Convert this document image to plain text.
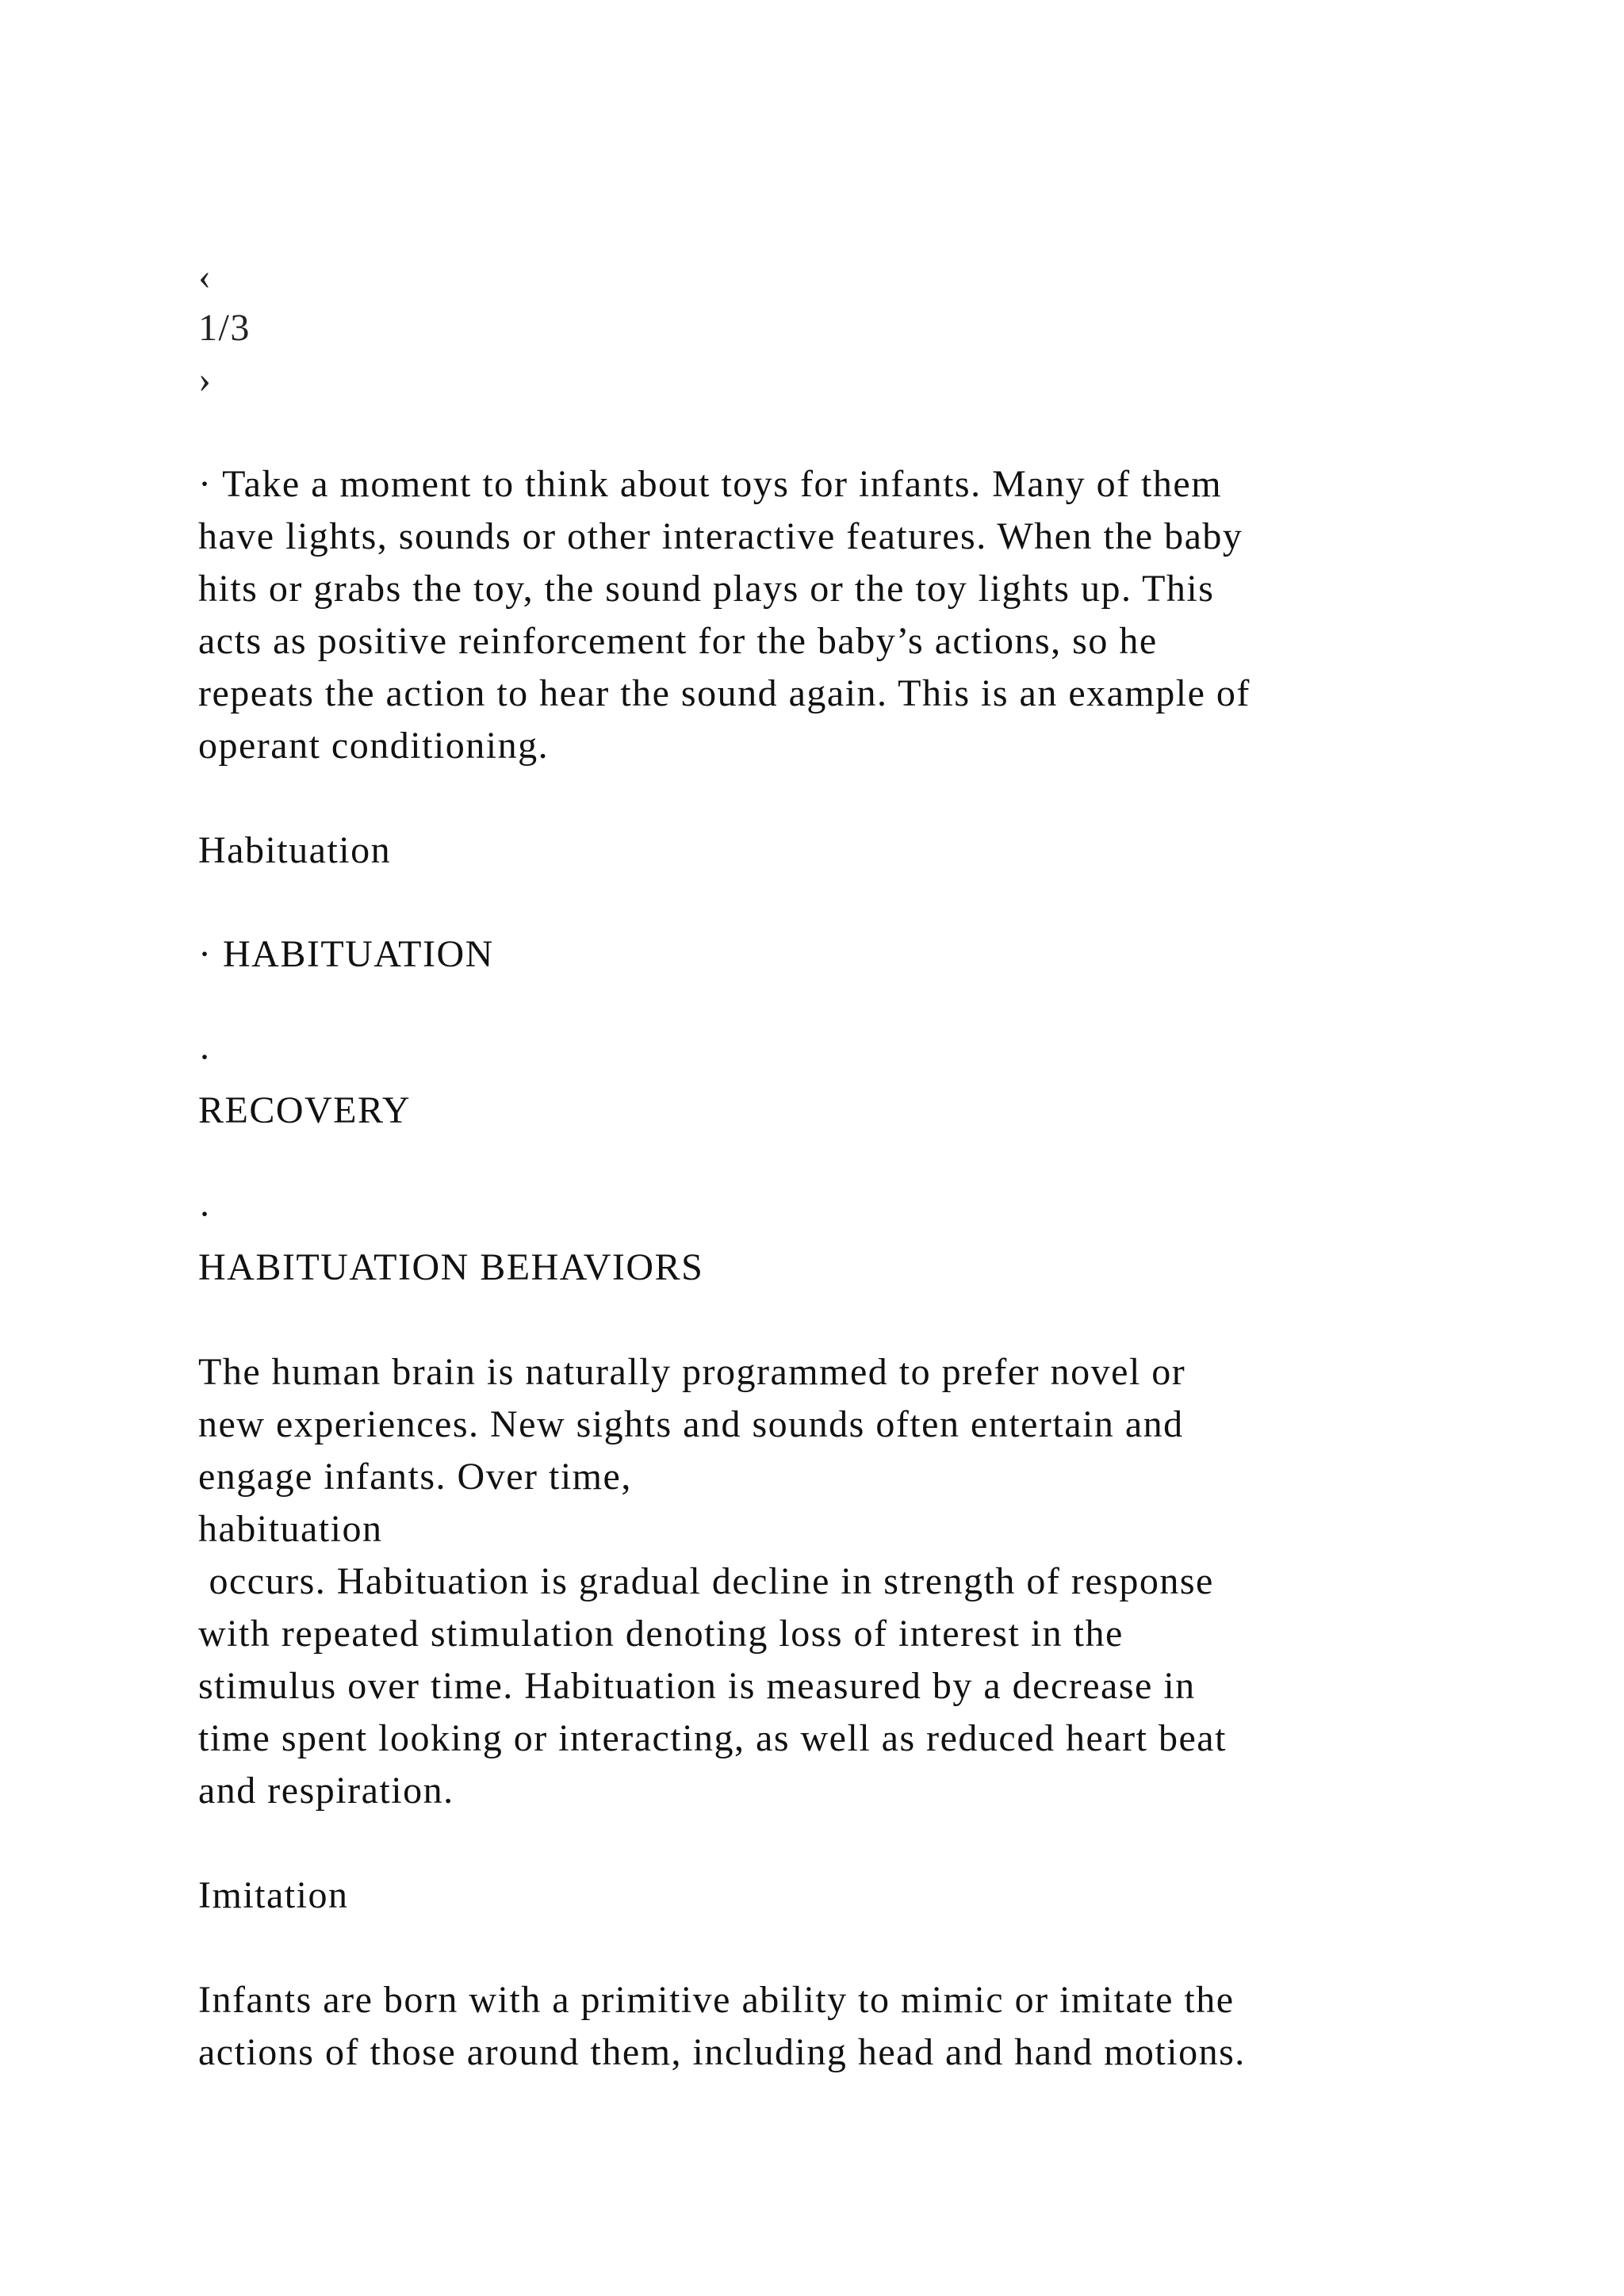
‹
1/3
›
· Take a moment to think about toys for infants. Many of them
have lights, sounds or other interactive features. When the baby
hits or grabs the toy, the sound plays or the toy lights up. This
acts as positive reinforcement for the baby’s actions, so he
repeats the action to hear the sound again. This is an example of
operant conditioning.
Habituation
· HABITUATION
·
RECOVERY
·
HABITUATION BEHAVIORS
The human brain is naturally programmed to prefer novel or
new experiences. New sights and sounds often entertain and
engage infants. Over time,
habituation
occurs. Habituation is gradual decline in strength of response
with repeated stimulation denoting loss of interest in the
stimulus over time. Habituation is measured by a decrease in
time spent looking or interacting, as well as reduced heart beat
and respiration.
Imitation
Infants are born with a primitive ability to mimic or imitate the
actions of those around them, including head and hand motions.
